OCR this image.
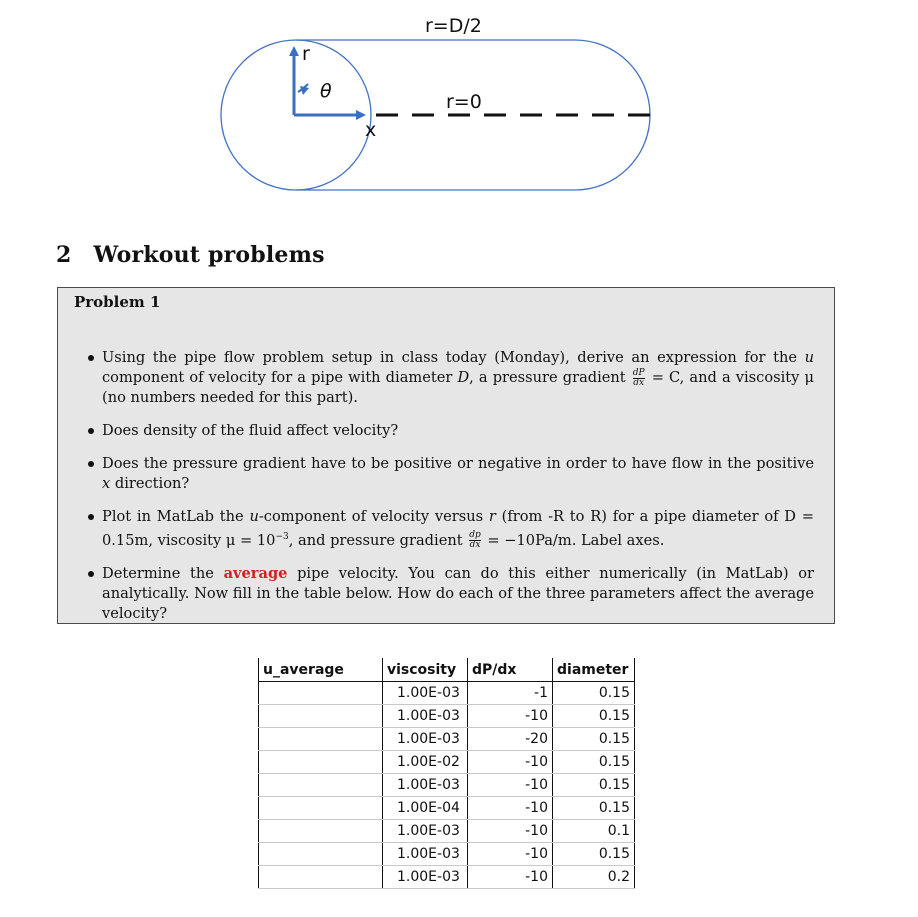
r=D/2
r=0
r
θ
x
2 Workout problems
Problem 1
Using the pipe flow problem setup in class today (Monday), derive an expression for the u component of velocity for a pipe with diameter D, a pressure gradient $\frac{dP}{dx} = C$, and a viscosity μ (no numbers needed for this part).
Does density of the fluid affect velocity?
Does the pressure gradient have to be positive or negative in order to have flow in the positive x direction?
Plot in MatLab the u-component of velocity versus r (from -R to R) for a pipe diameter of D = 0.15m, viscosity $\mu = 10^{-3}$, and pressure gradient $\frac{dp}{dx} = -10Pa/m$. Label axes.
Determine the average pipe velocity. You can do this either numerically (in MatLab) or analytically. Now fill in the table below. How do each of the three parameters affect the average velocity?
u_average	viscosity	dP/dx	diameter
	1.00E-03	-1	0.15
	1.00E-03	-10	0.15
	1.00E-03	-20	0.15
	1.00E-02	-10	0.15
	1.00E-03	-10	0.15
	1.00E-04	-10	0.15
	1.00E-03	-10	0.1
	1.00E-03	-10	0.15
	1.00E-03	-10	0.2
